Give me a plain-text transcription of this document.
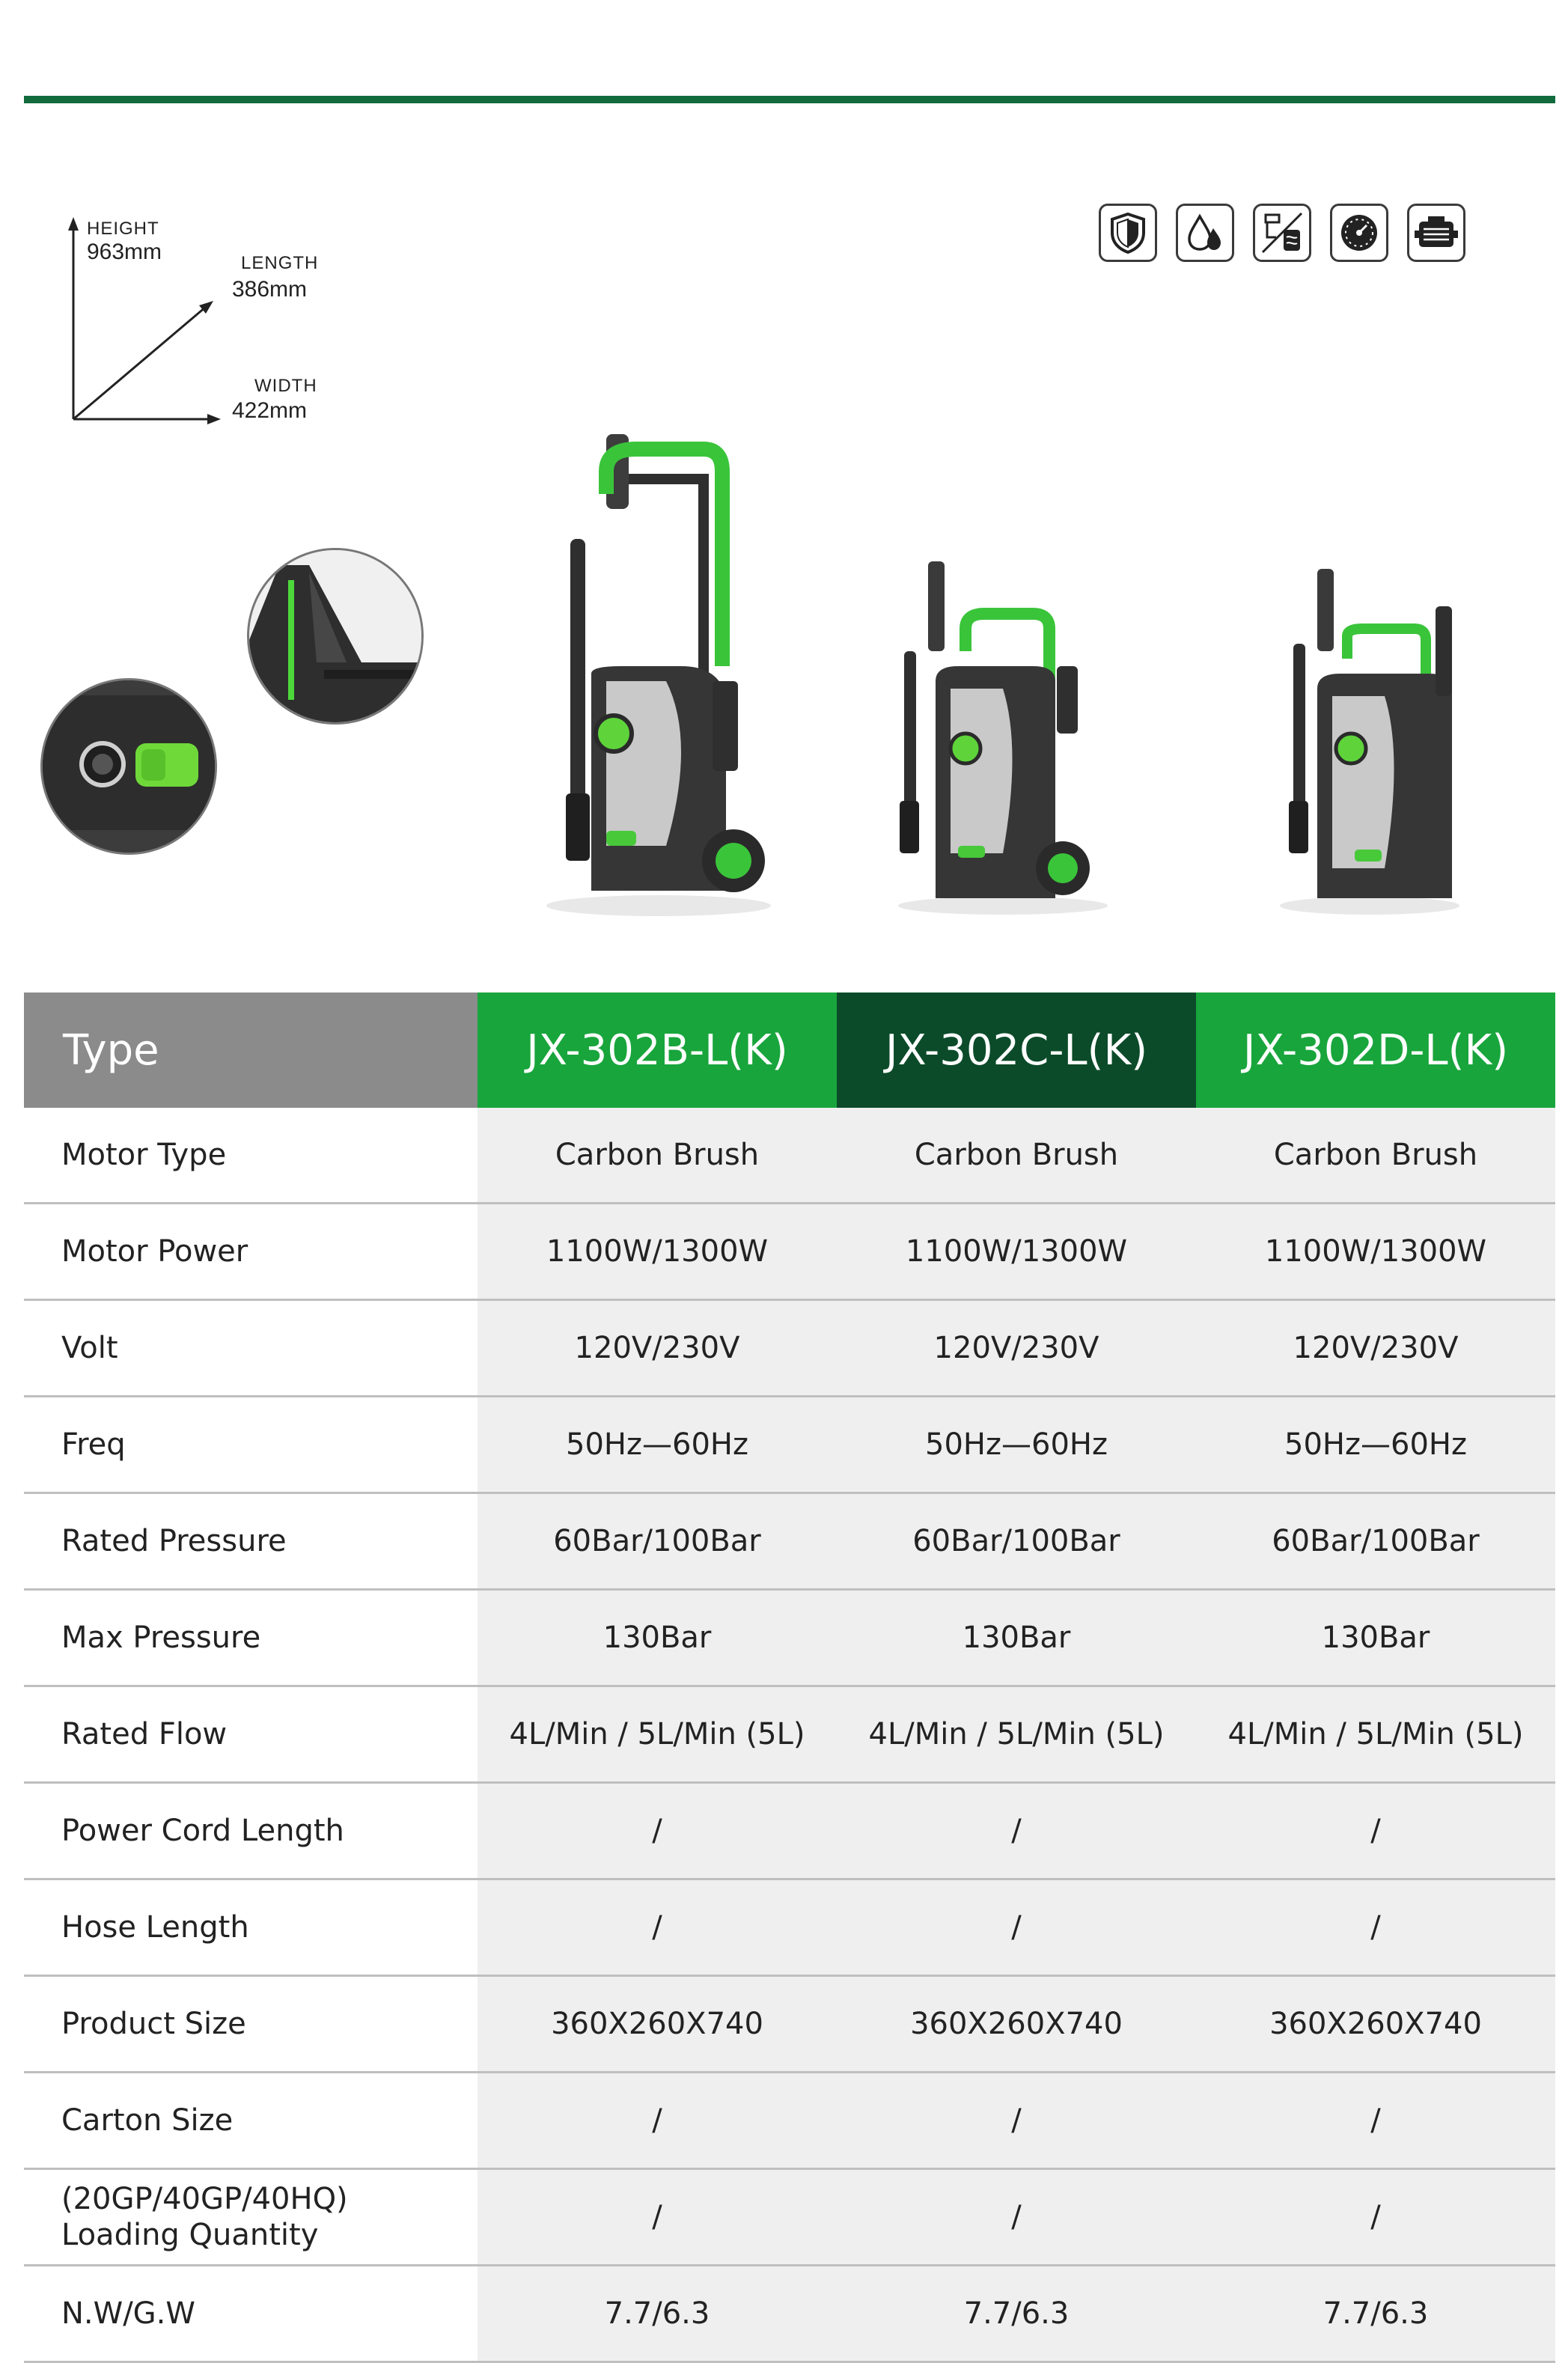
HEIGHT
963mm	LENGTH
386mm
WIDTH
422mm
Type	JX-302B-L(K)	JX-302C-L(K)	JX-302D-L(K)
Motor Type	Carbon Brush	Carbon Brush	Carbon Brush
Motor Power	1100W/1300W	1100W/1300W	1100W/1300W
Volt	120V/230V	120V/230V	120V/230V
Freq	50Hz—60Hz	50Hz—60Hz	50Hz—60Hz
Rated Pressure	60Bar/100Bar	60Bar/100Bar	60Bar/100Bar
Max Pressure	130Bar	130Bar	130Bar
Rated Flow	4L/Min / 5L/Min (5L)	4L/Min / 5L/Min (5L)	4L/Min / 5L/Min (5L)
Power Cord Length	/	/	/
Hose Length	/	/	/
Product Size	360X260X740	360X260X740	360X260X740
Carton Size	/	/	/

(20GP/40GP/40HQ)
Loading Quantity	/	/	/
N.W/G.W	7.7/6.3	7.7/6.3	7.7/6.3
